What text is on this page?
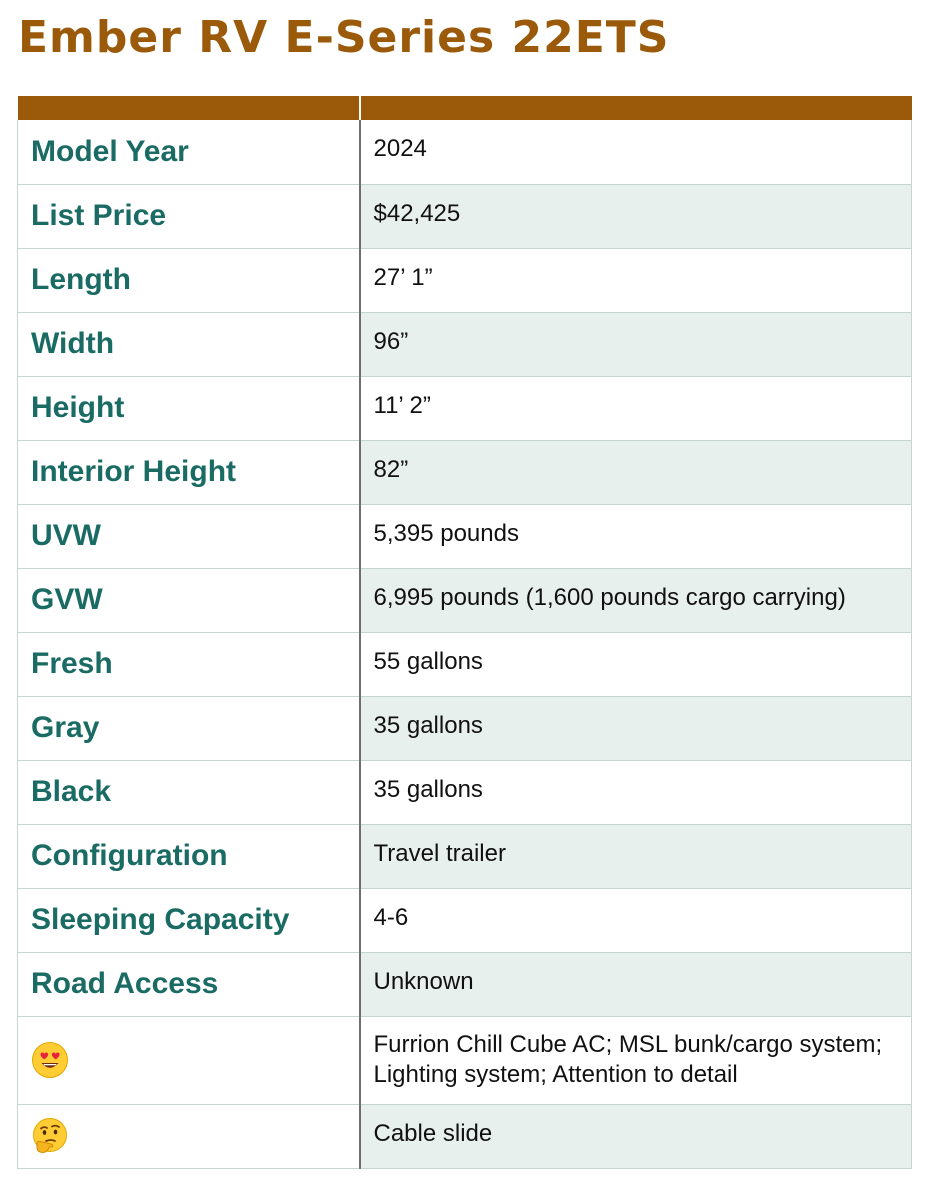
Ember RV E-Series 22ETS

Model Year	2024
List Price	$42,425
Length	27’ 1”
Width	96”
Height	11’ 2”
Interior Height	82”
UVW	5,395 pounds
GVW	6,995 pounds (1,600 pounds cargo carrying)
Fresh	55 gallons
Gray	35 gallons
Black	35 gallons
Configuration	Travel trailer
Sleeping Capacity	4-6
Road Access	Unknown

	Furrion Chill Cube AC; MSL bunk/cargo system; Lighting system; Attention to detail

	Cable slide
